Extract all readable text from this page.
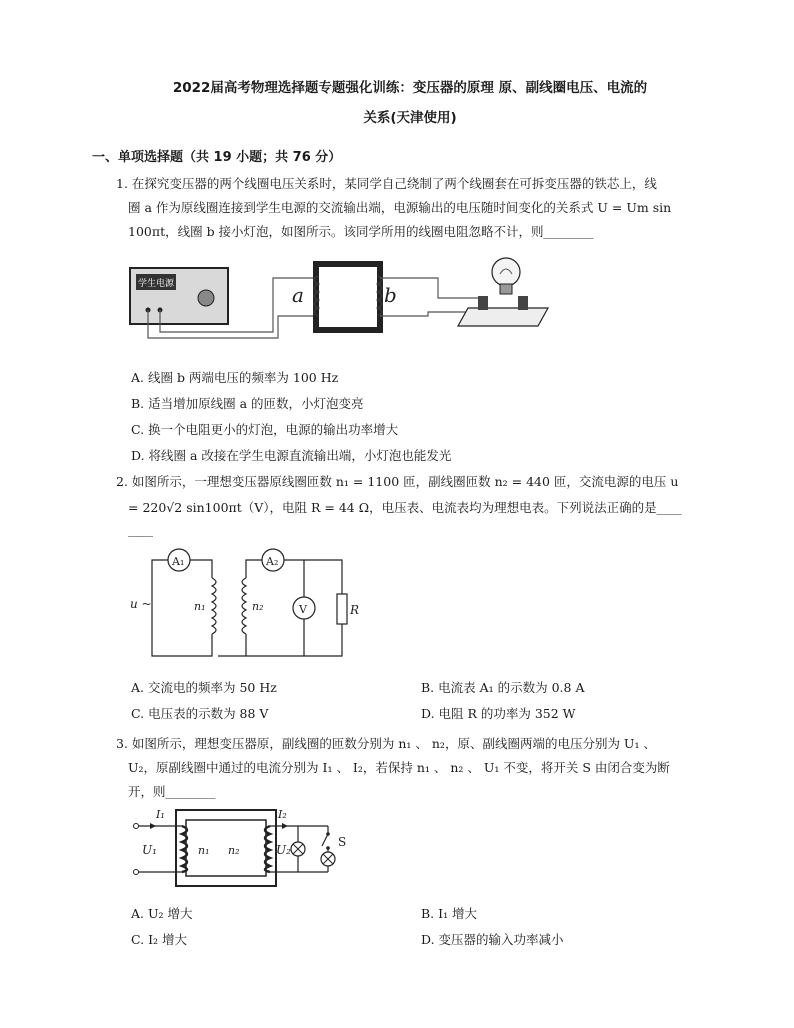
2022届高考物理选择题专题强化训练：变压器的原理 原、副线圈电压、电流的
关系(天津使用)
一、单项选择题（共 19 小题；共 76 分）
1. 在探究变压器的两个线圈电压关系时，某同学自己绕制了两个线圈套在可拆变压器的铁芯上，线
圈 a 作为原线圈连接到学生电源的交流输出端，电源输出的电压随时间变化的关系式 U = Um sin
100πt，线圈 b 接小灯泡，如图所示。该同学所用的线圈电阻忽略不计，则________
学生电源	a	b
A. 线圈 b 两端电压的频率为 100 Hz
B. 适当增加原线圈 a 的匝数，小灯泡变亮
C. 换一个电阻更小的灯泡，电源的输出功率增大
D. 将线圈 a 改接在学生电源直流输出端，小灯泡也能发光
2. 如图所示，一理想变压器原线圈匝数 n₁ = 1100 匝，副线圈匝数 n₂ = 440 匝，交流电源的电压 u
= 220√2 sin100πt（V），电阻 R = 44 Ω，电压表、电流表均为理想电表。下列说法正确的是____
____
A₁
u ~	n₁
A₂
n₂	V	R
A. 交流电的频率为 50 Hz	B. 电流表 A₁ 的示数为 0.8 A
C. 电压表的示数为 88 V	D. 电阻 R 的功率为 352 W
3. 如图所示，理想变压器原，副线圈的匝数分别为 n₁ 、 n₂，原、副线圈两端的电压分别为 U₁ 、
U₂，原副线圈中通过的电流分别为 I₁ 、 I₂，若保持 n₁ 、 n₂ 、 U₁ 不变，将开关 S 由闭合变为断
开，则________
I₁
U₁	n₁ n₂
I₂
U₂
S
A. U₂ 增大	B. I₁ 增大
C. I₂ 增大	D. 变压器的输入功率减小
